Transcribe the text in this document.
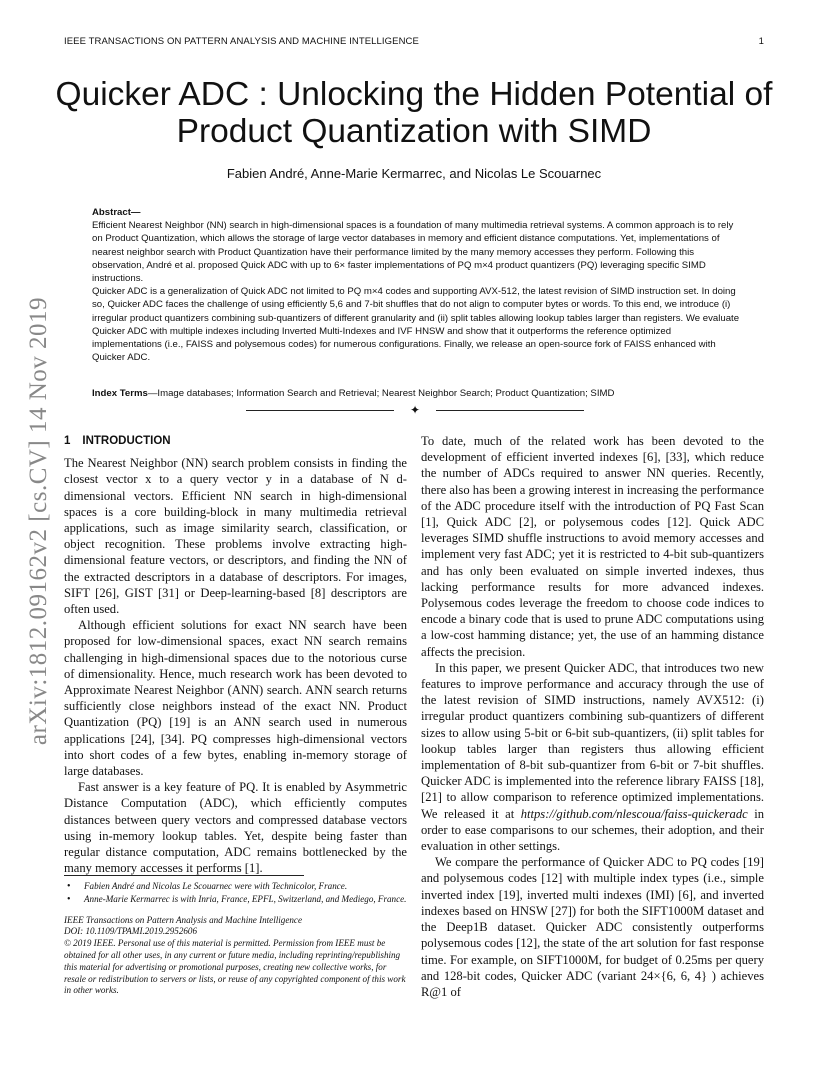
IEEE TRANSACTIONS ON PATTERN ANALYSIS AND MACHINE INTELLIGENCE	1
arXiv:1812.09162v2 [cs.CV] 14 Nov 2019
Quicker ADC : Unlocking the Hidden Potential of
Product Quantization with SIMD
Fabien André, Anne-Marie Kermarrec, and Nicolas Le Scouarnec

Abstract—

Efficient Nearest Neighbor (NN) search in high-dimensional spaces is a foundation of many multimedia retrieval systems. A common approach is to rely on Product Quantization, which allows the storage of large vector databases in memory and efficient distance computations. Yet, implementations of nearest neighbor search with Product Quantization have their performance limited by the many memory accesses they perform. Following this observation, André et al. proposed Quick ADC with up to 6× faster implementations of PQ m×4 product quantizers (PQ) leveraging specific SIMD instructions.

Quicker ADC is a generalization of Quick ADC not limited to PQ m×4 codes and supporting AVX-512, the latest revision of SIMD instruction set. In doing so, Quicker ADC faces the challenge of using efficiently 5,6 and 7-bit shuffles that do not align to computer bytes or words. To this end, we introduce (i) irregular product quantizers combining sub-quantizers of different granularity and (ii) split tables allowing lookup tables larger than registers. We evaluate Quicker ADC with multiple indexes including Inverted Multi-Indexes and IVF HNSW and show that it outperforms the reference optimized implementations (i.e., FAISS and polysemous codes) for numerous configurations. Finally, we release an open-source fork of FAISS enhanced with Quicker ADC.

Index Terms—Image databases; Information Search and Retrieval; Nearest Neighbor Search; Product Quantization; SIMD
✦
1 INTRODUCTION

The Nearest Neighbor (NN) search problem consists in finding the closest vector x to a query vector y in a database of N d-dimensional vectors. Efficient NN search in high-dimensional spaces is a core building-block in many multimedia retrieval applications, such as image similarity search, classification, or object recognition. These problems involve extracting high-dimensional feature vectors, or descriptors, and finding the NN of the extracted descriptors in a database of descriptors. For images, SIFT [26], GIST [31] or Deep-learning-based [8] descriptors are often used.

Although efficient solutions for exact NN search have been proposed for low-dimensional spaces, exact NN search remains challenging in high-dimensional spaces due to the notorious curse of dimensionality. Hence, much research work has been devoted to Approximate Nearest Neighbor (ANN) search. ANN search returns sufficiently close neighbors instead of the exact NN. Product Quantization (PQ) [19] is an ANN search used in numerous applications [24], [34]. PQ compresses high-dimensional vectors into short codes of a few bytes, enabling in-memory storage of large databases.

Fast answer is a key feature of PQ. It is enabled by Asymmetric Distance Computation (ADC), which efficiently computes distances between query vectors and compressed database vectors using in-memory lookup tables. Yet, despite being faster than regular distance computation, ADC remains bottlenecked by the many memory accesses it performs [1].

To date, much of the related work has been devoted to the development of efficient inverted indexes [6], [33], which reduce the number of ADCs required to answer NN queries. Recently, there also has been a growing interest in increasing the performance of the ADC procedure itself with the introduction of PQ Fast Scan [1], Quick ADC [2], or polysemous codes [12]. Quick ADC leverages SIMD shuffle instructions to avoid memory accesses and implement very fast ADC; yet it is restricted to 4-bit sub-quantizers and has only been evaluated on simple inverted indexes, thus lacking performance results for more advanced indexes. Polysemous codes leverage the freedom to choose code indices to encode a binary code that is used to prune ADC computations using a low-cost hamming distance; yet, the use of an hamming distance affects the precision.

In this paper, we present Quicker ADC, that introduces two new features to improve performance and accuracy through the use of the latest revision of SIMD instructions, namely AVX512: (i) irregular product quantizers combining sub-quantizers of different sizes to allow using 5-bit or 6-bit sub-quantizers, (ii) split tables for lookup tables larger than registers thus allowing efficient implementation of 8-bit sub-quantizer from 6-bit or 7-bit shuffles. Quicker ADC is implemented into the reference library FAISS [18], [21] to allow comparison to reference optimized implementations. We released it at https://github.com/nlescoua/faiss-quickeradc in order to ease comparisons to our schemes, their adoption, and their evaluation in other settings.

We compare the performance of Quicker ADC to PQ codes [19] and polysemous codes [12] with multiple index types (i.e., simple inverted index [19], inverted multi indexes (IMI) [6], and inverted indexes based on HNSW [27]) for both the SIFT1000M dataset and the Deep1B dataset. Quicker ADC consistently outperforms polysemous codes [12], the state of the art solution for fast response time. For example, on SIFT1000M, for budget of 0.25ms per query and 128-bit codes, Quicker ADC (variant 24×{6, 6, 4} ) achieves R@1 of

• Fabien André and Nicolas Le Scouarnec were with Technicolor, France.
• Anne-Marie Kermarrec is with Inria, France, EPFL, Switzerland, and Mediego, France.

IEEE Transactions on Pattern Analysis and Machine Intelligence

DOI: 10.1109/TPAMI.2019.2952606

© 2019 IEEE. Personal use of this material is permitted. Permission from IEEE must be obtained for all other uses, in any current or future media, including reprinting/republishing this material for advertising or promotional purposes, creating new collective works, for resale or redistribution to servers or lists, or reuse of any copyrighted component of this work in other works.
